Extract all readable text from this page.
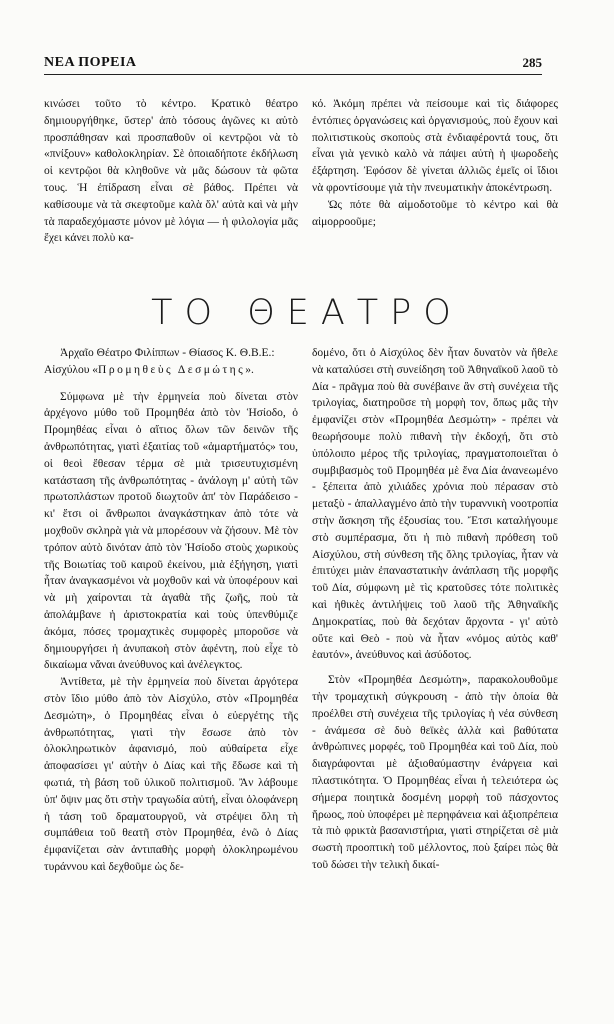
ΝΕΑ ΠΟΡΕΙΑ	285

κινώσει τοῦτο τὸ κέντρο. Κρατικὸ θέατρο δημιουργήθηκε, ὕστερ' ἀπὸ τόσους ἀγῶνες κι αὐτὸ προσπάθησαν καὶ προσπαθοῦν οἱ κεντρῷοι νὰ τὸ «πνίξουν» καθολοκληρίαν. Σὲ ὁποιαδήποτε ἐκδήλωση οἱ κεντρῷοι θὰ κληθοῦνε νὰ μᾶς δώσουν τὰ φῶτα τους. Ἡ ἐπίδραση εἶναι σὲ βάθος. Πρέπει νὰ καθίσουμε νὰ τὰ σκεφτοῦμε καλὰ ὅλ' αὐτὰ καὶ νὰ μὴν τὰ παραδεχόμαστε μόνον μὲ λόγια — ἡ φιλολογία μᾶς ἔχει κάνει πολὺ κα-

κό. Ἀκόμη πρέπει νὰ πείσουμε καὶ τὶς διάφορες ἐντόπιες ὀργανώσεις καὶ ὀργανισμούς, ποὺ ἔχουν καὶ πολιτιστικοὺς σκοποὺς στὰ ἐνδιαφέροντά τους, ὅτι εἶναι γιὰ γενικὸ καλὸ νὰ πάψει αὐτὴ ἡ ψωροδεὴς ἐξάρτηση. Ἐφόσον δὲ γίνεται ἀλλιῶς ἐμεῖς οἱ ἴδιοι νὰ φροντίσουμε γιὰ τὴν πνευματικὴν ἀποκέντρωση.

Ὡς πότε θὰ αἱμοδοτοῦμε τὸ κέντρο καὶ θὰ αἱμορροοῦμε;

ΤΟ ΘΕΑΤΡΟ

Ἀρχαῖο Θέατρο Φιλίππων - Θίασος Κ. Θ.Β.Ε.: Αἰσχύλου «Προμηθεὺς Δεσμώτης».

Σύμφωνα μὲ τὴν ἑρμηνεία ποὺ δίνεται στὸν ἀρχέγονο μύθο τοῦ Προμηθέα ἀπὸ τὸν Ἡσίοδο, ὁ Προμηθέας εἶναι ὁ αἴτιος ὅλων τῶν δεινῶν τῆς ἀνθρωπότητας, γιατὶ ἐξαιτίας τοῦ «ἁμαρτήματός» του, οἱ θεοὶ ἔθεσαν τέρμα σὲ μιὰ τρισευτυχισμένη κατάσταση τῆς ἀνθρωπότητας - ἀνάλογη μ' αὐτὴ τῶν πρωτοπλάστων προτοῦ διωχτοῦν ἀπ' τὸν Παράδεισο - κι' ἔτσι οἱ ἄνθρωποι ἀναγκάστηκαν ἀπὸ τότε νὰ μοχθοῦν σκληρὰ γιὰ νὰ μπορέσουν νὰ ζήσουν. Μὲ τὸν τρόπον αὐτὸ δινόταν ἀπὸ τὸν Ἡσίοδο στοὺς χωρικοὺς τῆς Βοιωτίας τοῦ καιροῦ ἐκείνου, μιὰ ἐξήγηση, γιατὶ ἦταν ἀναγκασμένοι νὰ μοχθοῦν καὶ νὰ ὑποφέρουν καὶ νὰ μὴ χαίρονται τὰ ἀγαθὰ τῆς ζωῆς, ποὺ τὰ ἀπολάμβανε ἡ ἀριστοκρατία καὶ τοὺς ὑπενθύμιζε ἀκόμα, πόσες τρομαχτικὲς συμφορὲς μποροῦσε νὰ δημιουργήσει ἡ ἀνυπακοὴ στὸν ἀφέντη, ποὺ εἶχε τὸ δικαίωμα νἄναι ἀνεύθυνος καὶ ἀνέλεγκτος.

Ἀντίθετα, μὲ τὴν ἑρμηνεία ποὺ δίνεται ἀργότερα στὸν ἴδιο μύθο ἀπὸ τὸν Αἰσχύλο, στὸν «Προμηθέα Δεσμώτη», ὁ Προμηθέας εἶναι ὁ εὐεργέτης τῆς ἀνθρωπότητας, γιατὶ τὴν ἔσωσε ἀπὸ τὸν ὁλοκληρωτικὸν ἀφανισμό, ποὺ αὐθαίρετα εἶχε ἀποφασίσει γι' αὐτὴν ὁ Δίας καὶ τῆς ἔδωσε καὶ τὴ φωτιά, τὴ βάση τοῦ ὑλικοῦ πολιτισμοῦ. Ἂν λάβουμε ὑπ' ὄψιν μας ὅτι στὴν τραγωδία αὐτή, εἶναι ὁλοφάνερη ἡ τάση τοῦ δραματουργοῦ, νὰ στρέψει ὅλη τὴ συμπάθεια τοῦ θεατῆ στὸν Προμηθέα, ἐνῶ ὁ Δίας ἐμφανίζεται σὰν ἀντιπαθὴς μορφὴ ὁλοκληρωμένου τυράννου καὶ δεχθοῦμε ὡς δε-

δομένο, ὅτι ὁ Αἰσχύλος δὲν ἦταν δυνατὸν νὰ ἤθελε νὰ καταλύσει στὴ συνείδηση τοῦ Ἀθηναϊκοῦ λαοῦ τὸ Δία - πρᾶγμα ποὺ θὰ συνέβαινε ἂν στὴ συνέχεια τῆς τριλογίας, διατηροῦσε τὴ μορφὴ τον, ὅπως μᾶς τὴν ἐμφανίζει στὸν «Προμηθέα Δεσμώτη» - πρέπει νὰ θεωρήσουμε πολὺ πιθανὴ τὴν ἐκδοχή, ὅτι στὸ ὑπόλοιπο μέρος τῆς τριλογίας, πραγματοποιεῖται ὁ συμβιβασμὸς τοῦ Προμηθέα μὲ ἕνα Δία ἀνανεωμένο - ξέπειτα ἀπὸ χιλιάδες χρόνια ποὺ πέρασαν στὸ μεταξὺ - ἀπαλλαγμένο ἀπὸ τὴν τυραννικὴ νοοτροπία στὴν ἄσκηση τῆς ἐξουσίας του. Ἔτσι καταλήγουμε στὸ συμπέρασμα, ὅτι ἡ πιὸ πιθανὴ πρόθεση τοῦ Αἰσχύλου, στὴ σύνθεση τῆς ὅλης τριλογίας, ἦταν νὰ ἐπιτύχει μιὰν ἐπαναστατικὴν ἀνάπλαση τῆς μορφῆς τοῦ Δία, σύμφωνη μὲ τὶς κρατοῦσες τότε πολιτικὲς καὶ ἠθικὲς ἀντιλήψεις τοῦ λαοῦ τῆς Ἀθηναϊκῆς Δημοκρατίας, ποὺ θὰ δεχόταν ἄρχοντα - γι' αὐτὸ οὔτε καὶ Θεὸ - ποὺ νὰ ἦταν «νόμος αὐτὸς καθ' ἑαυτόν», ἀνεύθυνος καὶ ἀσύδοτος.

Στὸν «Προμηθέα Δεσμώτη», παρακολουθοῦμε τὴν τρομαχτικὴ σύγκρουση - ἀπὸ τὴν ὁποία θὰ προέλθει στὴ συνέχεια τῆς τριλογίας ἡ νέα σύνθεση - ἀνάμεσα σὲ δυὸ θεϊκὲς ἀλλὰ καὶ βαθύτατα ἀνθρώπινες μορφές, τοῦ Προμηθέα καὶ τοῦ Δία, ποὺ διαγράφονται μὲ ἀξιοθαύμαστην ἐνάργεια καὶ πλαστικότητα. Ὁ Προμηθέας εἶναι ἡ τελειότερα ὡς σήμερα ποιητικὰ δοσμένη μορφὴ τοῦ πάσχοντος ἥρωος, ποὺ ὑποφέρει μὲ περηφάνεια καὶ ἀξιοπρέπεια τὰ πιὸ φρικτὰ βασανιστήρια, γιατὶ στηρίζεται σὲ μιὰ σωστὴ προοπτικὴ τοῦ μέλλοντος, ποὺ ξαίρει πὼς θὰ τοῦ δώσει τὴν τελικὴ δικαί-
